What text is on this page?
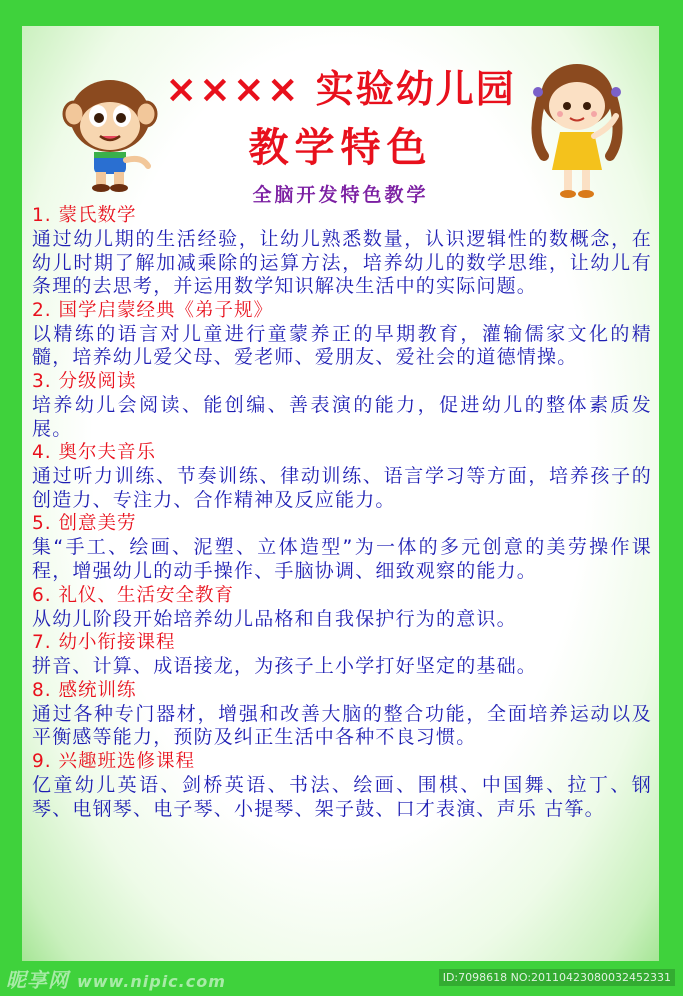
×××× 实验幼儿园
教学特色
全脑开发特色教学

1. 蒙氏数学

通过幼儿期的生活经验，让幼儿熟悉数量，认识逻辑性的数概念，在幼儿时期了解加减乘除的运算方法，培养幼儿的数学思维，让幼儿有条理的去思考，并运用数学知识解决生活中的实际问题。

2. 国学启蒙经典《弟子规》

以精练的语言对儿童进行童蒙养正的早期教育，灌输儒家文化的精髓，培养幼儿爱父母、爱老师、爱朋友、爱社会的道德情操。

3. 分级阅读

培养幼儿会阅读、能创编、善表演的能力，促进幼儿的整体素质发展。

4. 奥尔夫音乐

通过听力训练、节奏训练、律动训练、语言学习等方面，培养孩子的创造力、专注力、合作精神及反应能力。

5. 创意美劳

集“手工、绘画、泥塑、立体造型”为一体的多元创意的美劳操作课程，增强幼儿的动手操作、手脑协调、细致观察的能力。

6. 礼仪、生活安全教育

从幼儿阶段开始培养幼儿品格和自我保护行为的意识。

7. 幼小衔接课程

拼音、计算、成语接龙，为孩子上小学打好坚定的基础。

8. 感统训练

通过各种专门器材，增强和改善大脑的整合功能，全面培养运动以及平衡感等能力，预防及纠正生活中各种不良习惯。

9. 兴趣班选修课程

亿童幼儿英语、剑桥英语、书法、绘画、围棋、中国舞、拉丁、钢琴、电钢琴、电子琴、小提琴、架子鼓、口才表演、声乐 古筝。

昵享网 www.nipic.com	ID:7098618 NO:20110423080032452331
